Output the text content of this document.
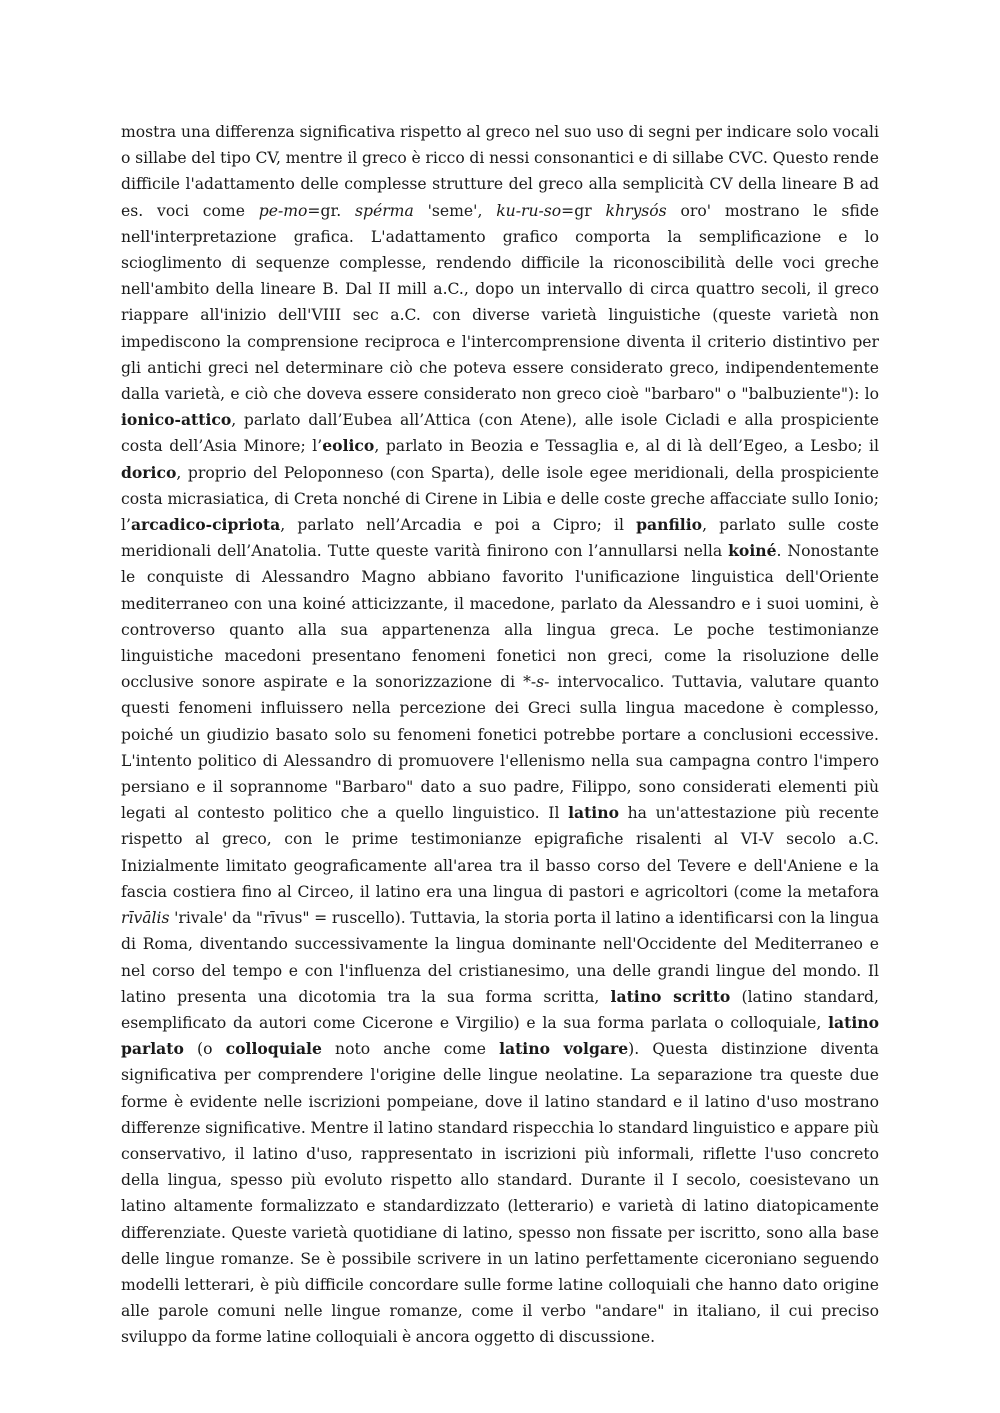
mostra una differenza significativa rispetto al greco nel suo uso di segni per indicare solo vocali o sillabe del tipo CV, mentre il greco è ricco di nessi consonantici e di sillabe CVC. Questo rende difficile l'adattamento delle complesse strutture del greco alla semplicità CV della lineare B ad es. voci come pe-mo=gr. spérma 'seme', ku-ru-so=gr khrysós oro' mostrano le sfide nell'interpretazione grafica. L'adattamento grafico comporta la semplificazione e lo scioglimento di sequenze complesse, rendendo difficile la riconoscibilità delle voci greche nell'ambito della lineare B. Dal II mill a.C., dopo un intervallo di circa quattro secoli, il greco riappare all'inizio dell'VIII sec a.C. con diverse varietà linguistiche (queste varietà non impediscono la comprensione reciproca e l'intercomprensione diventa il criterio distintivo per gli antichi greci nel determinare ciò che poteva essere considerato greco, indipendentemente dalla varietà, e ciò che doveva essere considerato non greco cioè "barbaro" o "balbuziente"): lo ionico-attico, parlato dall’Eubea all’Attica (con Atene), alle isole Cicladi e alla prospiciente costa dell’Asia Minore; l’eolico, parlato in Beozia e Tessaglia e, al di là dell’Egeo, a Lesbo; il dorico, proprio del Peloponneso (con Sparta), delle isole egee meridionali, della prospiciente costa micrasiatica, di Creta nonché di Cirene in Libia e delle coste greche affacciate sullo Ionio; l’arcadico-cipriota, parlato nell’Arcadia e poi a Cipro; il panfilio, parlato sulle coste meridionali dell’Anatolia. Tutte queste varità finirono con l’annullarsi nella koiné. Nonostante le conquiste di Alessandro Magno abbiano favorito l'unificazione linguistica dell'Oriente mediterraneo con una koiné atticizzante, il macedone, parlato da Alessandro e i suoi uomini, è controverso quanto alla sua appartenenza alla lingua greca. Le poche testimonianze linguistiche macedoni presentano fenomeni fonetici non greci, come la risoluzione delle occlusive sonore aspirate e la sonorizzazione di *-s- intervocalico. Tuttavia, valutare quanto questi fenomeni influissero nella percezione dei Greci sulla lingua macedone è complesso, poiché un giudizio basato solo su fenomeni fonetici potrebbe portare a conclusioni eccessive. L'intento politico di Alessandro di promuovere l'ellenismo nella sua campagna contro l'impero persiano e il soprannome "Barbaro" dato a suo padre, Filippo, sono considerati elementi più legati al contesto politico che a quello linguistico. Il latino ha un'attestazione più recente rispetto al greco, con le prime testimonianze epigrafiche risalenti al VI-V secolo a.C. Inizialmente limitato geograficamente all'area tra il basso corso del Tevere e dell'Aniene e la fascia costiera fino al Circeo, il latino era una lingua di pastori e agricoltori (come la metafora rīvālis 'rivale' da "rīvus" = ruscello). Tuttavia, la storia porta il latino a identificarsi con la lingua di Roma, diventando successivamente la lingua dominante nell'Occidente del Mediterraneo e nel corso del tempo e con l'influenza del cristianesimo, una delle grandi lingue del mondo. Il latino presenta una dicotomia tra la sua forma scritta, latino scritto (latino standard, esemplificato da autori come Cicerone e Virgilio) e la sua forma parlata o colloquiale, latino parlato (o colloquiale noto anche come latino volgare). Questa distinzione diventa significativa per comprendere l'origine delle lingue neolatine. La separazione tra queste due forme è evidente nelle iscrizioni pompeiane, dove il latino standard e il latino d'uso mostrano differenze significative. Mentre il latino standard rispecchia lo standard linguistico e appare più conservativo, il latino d'uso, rappresentato in iscrizioni più informali, riflette l'uso concreto della lingua, spesso più evoluto rispetto allo standard. Durante il I secolo, coesistevano un latino altamente formalizzato e standardizzato (letterario) e varietà di latino diatopicamente differenziate. Queste varietà quotidiane di latino, spesso non fissate per iscritto, sono alla base delle lingue romanze. Se è possibile scrivere in un latino perfettamente ciceroniano seguendo modelli letterari, è più difficile concordare sulle forme latine colloquiali che hanno dato origine alle parole comuni nelle lingue romanze, come il verbo "andare" in italiano, il cui preciso sviluppo da forme latine colloquiali è ancora oggetto di discussione.
